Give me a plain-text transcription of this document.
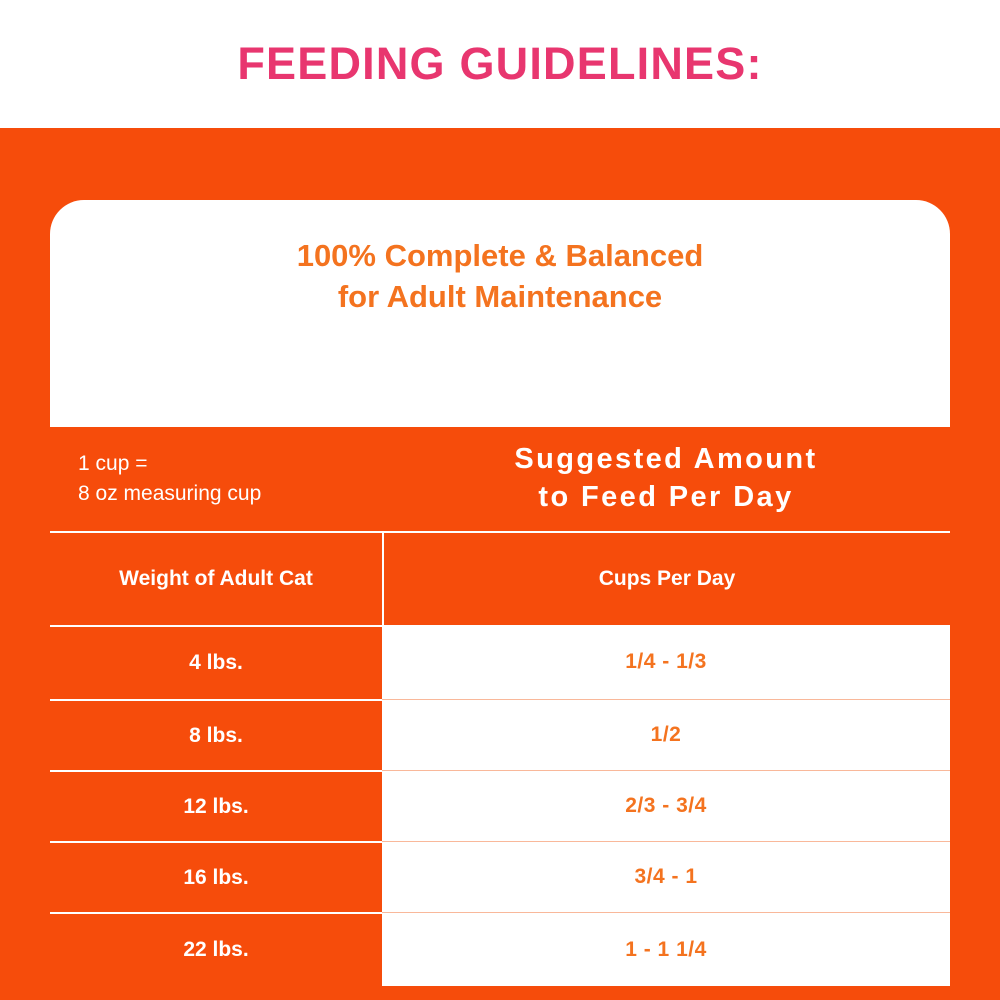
FEEDING GUIDELINES:
100% Complete & Balanced
for Adult Maintenance
1 cup =
8 oz measuring cup
Suggested Amount
to Feed Per Day
Weight of Adult Cat	Cups Per Day
4 lbs.	1/4 - 1/3
8 lbs.	1/2
12 lbs.	2/3 - 3/4
16 lbs.	3/4 - 1
22 lbs.	1 - 1 1/4
